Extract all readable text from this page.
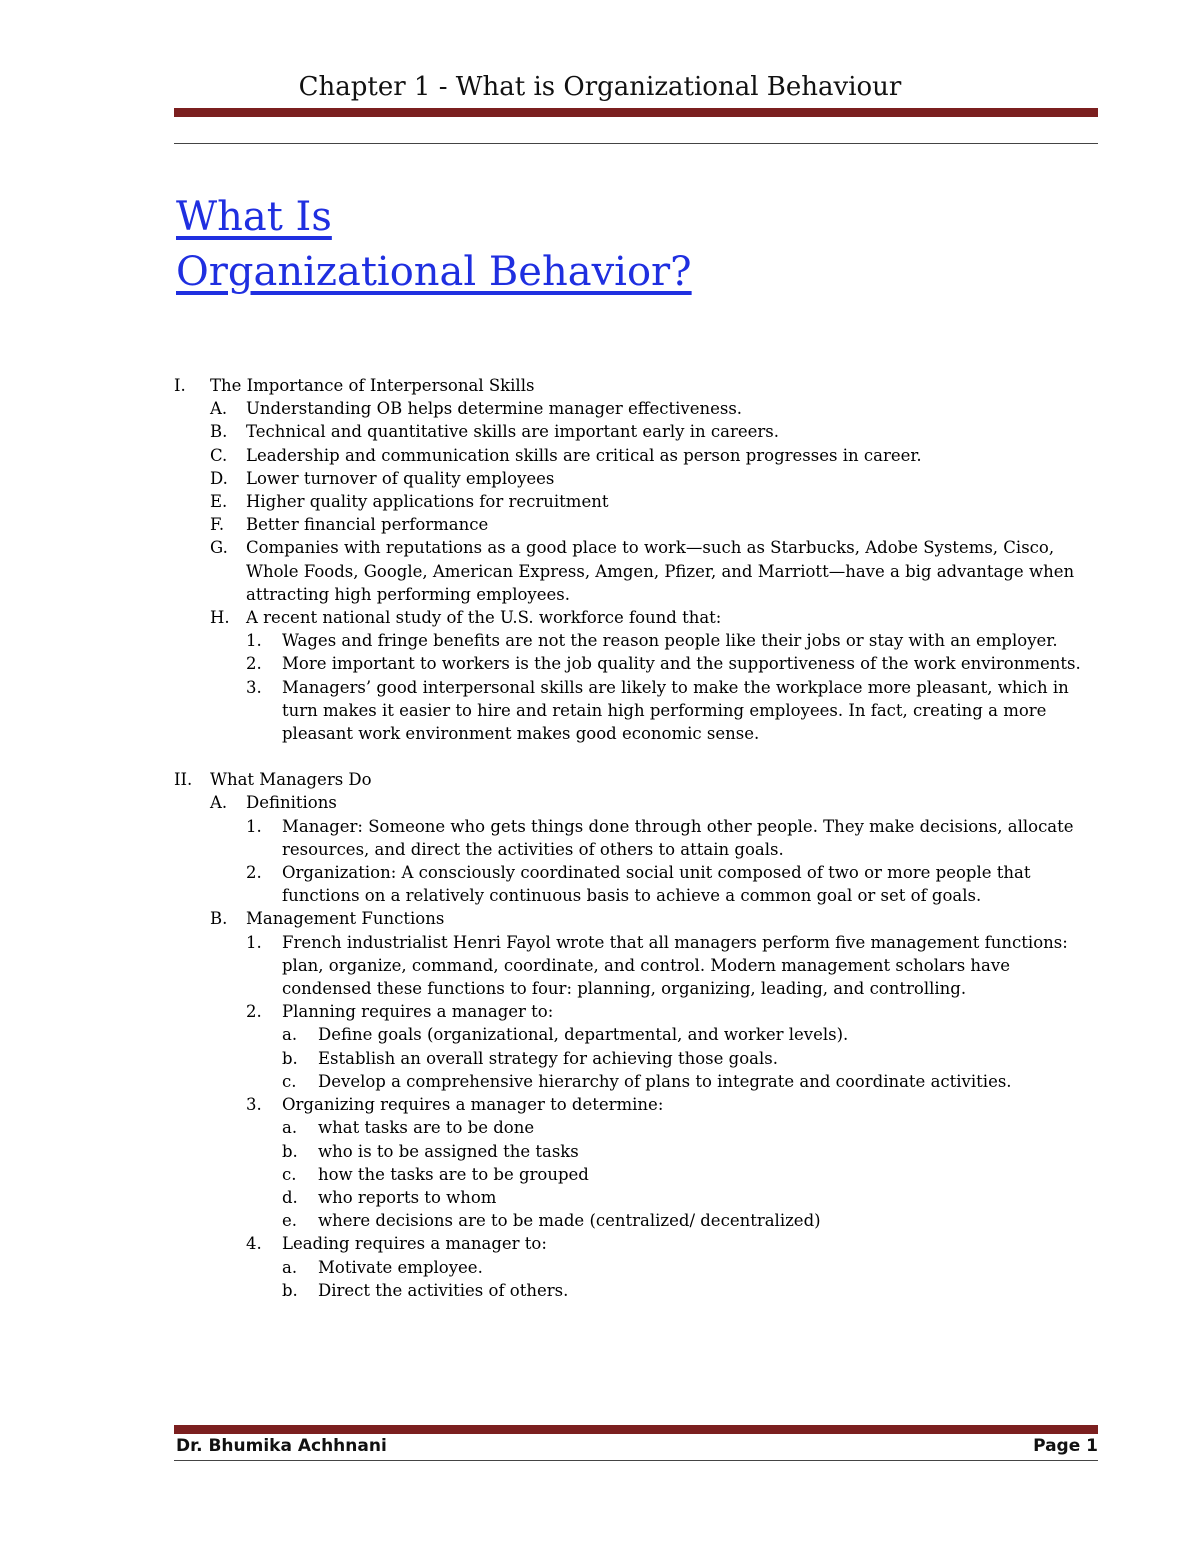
Chapter 1 - What is Organizational Behaviour
What Is
Organizational Behavior?
I.	The Importance of Interpersonal Skills
A.	Understanding OB helps determine manager effectiveness.
B.	Technical and quantitative skills are important early in careers.
C.	Leadership and communication skills are critical as person progresses in career.
D.	Lower turnover of quality employees
E.	Higher quality applications for recruitment
F.	Better financial performance
G.	Companies with reputations as a good place to work—such as Starbucks, Adobe Systems, Cisco, Whole Foods, Google, American Express, Amgen, Pfizer, and Marriott—have a big advantage when attracting high performing employees.
H. A recent national study of the U.S. workforce found that:
1.	Wages and fringe benefits are not the reason people like their jobs or stay with an employer.
2.	More important to workers is the job quality and the supportiveness of the work environments.
3.	Managers’ good interpersonal skills are likely to make the workplace more pleasant, which in turn makes it easier to hire and retain high performing employees. In fact, creating a more pleasant work environment makes good economic sense.
II.	What Managers Do
A.	Definitions
1.	Manager: Someone who gets things done through other people. They make decisions, allocate resources, and direct the activities of others to attain goals.
2.	Organization: A consciously coordinated social unit composed of two or more people that functions on a relatively continuous basis to achieve a common goal or set of goals.
B.	Management Functions
1.	French industrialist Henri Fayol wrote that all managers perform five management functions: plan, organize, command, coordinate, and control. Modern management scholars have condensed these functions to four: planning, organizing, leading, and controlling.
2.	Planning requires a manager to:
a.	Define goals (organizational, departmental, and worker levels).
b.	Establish an overall strategy for achieving those goals.
c.	Develop a comprehensive hierarchy of plans to integrate and coordinate activities.
3.	Organizing requires a manager to determine:
a.	what tasks are to be done
b.	who is to be assigned the tasks
c.	how the tasks are to be grouped
d.	who reports to whom
e.	where decisions are to be made (centralized/ decentralized)
4.	Leading requires a manager to:
a.	Motivate employee.
b.	Direct the activities of others.
Dr. Bhumika Achhnani	Page 1
